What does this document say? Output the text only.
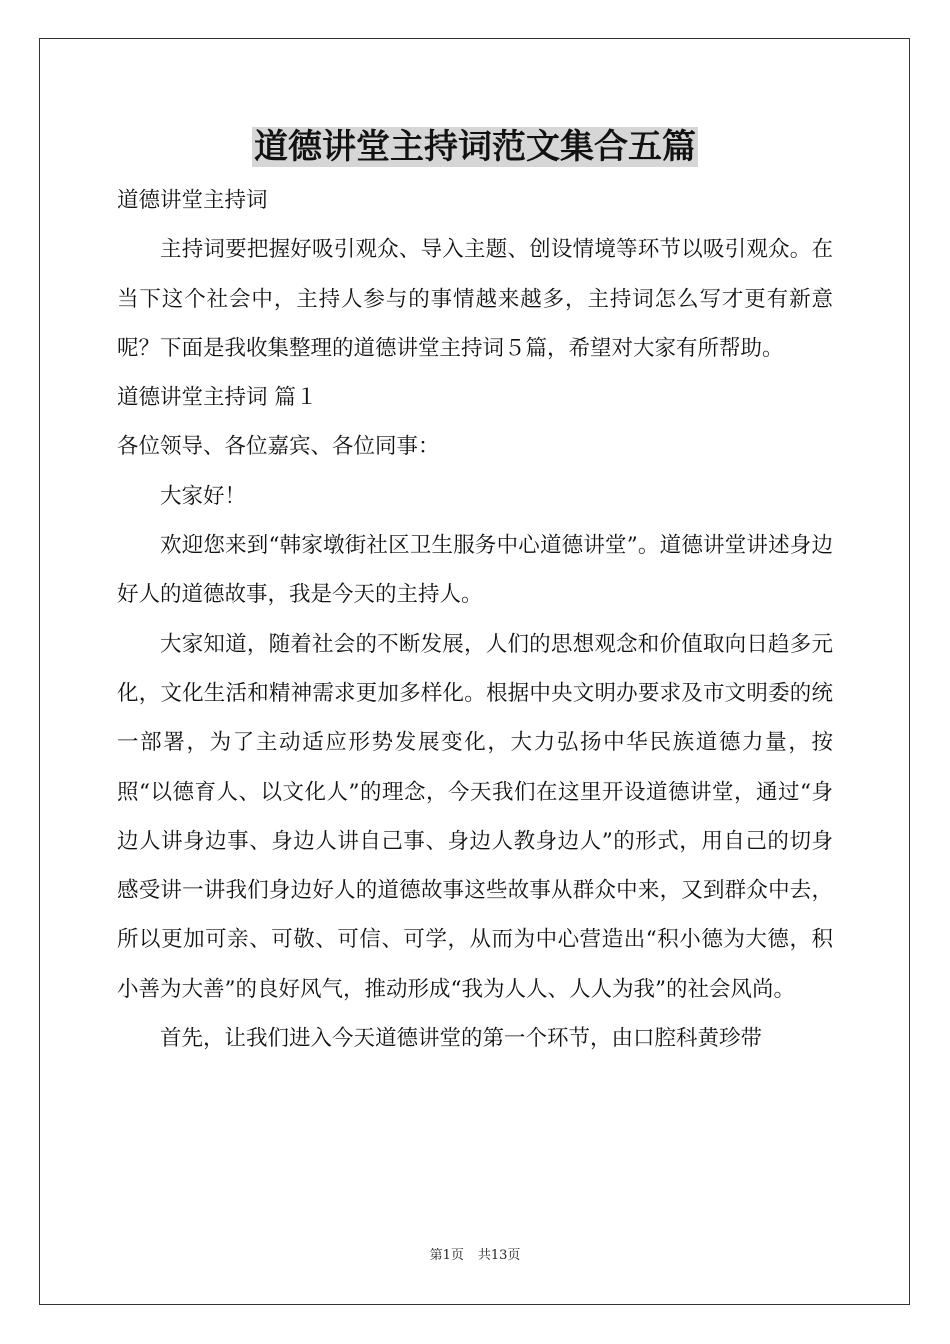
道德讲堂主持词范文集合五篇

道德讲堂主持词

主持词要把握好吸引观众、导入主题、创设情境等环节以吸引观众。在当下这个社会中，主持人参与的事情越来越多，主持词怎么写才更有新意呢？下面是我收集整理的道德讲堂主持词５篇，希望对大家有所帮助。

道德讲堂主持词 篇１

各位领导、各位嘉宾、各位同事：

大家好！

欢迎您来到“韩家墩街社区卫生服务中心道德讲堂”。道德讲堂讲述身边好人的道德故事，我是今天的主持人。

大家知道，随着社会的不断发展，人们的思想观念和价值取向日趋多元化，文化生活和精神需求更加多样化。根据中央文明办要求及市文明委的统一部署，为了主动适应形势发展变化，大力弘扬中华民族道德力量，按照“以德育人、以文化人”的理念，今天我们在这里开设道德讲堂，通过“身边人讲身边事、身边人讲自己事、身边人教身边人”的形式，用自己的切身感受讲一讲我们身边好人的道德故事这些故事从群众中来，又到群众中去，所以更加可亲、可敬、可信、可学，从而为中心营造出“积小德为大德，积小善为大善”的良好风气，推动形成“我为人人、人人为我”的社会风尚。

首先，让我们进入今天道德讲堂的第一个环节，由口腔科黄珍带

第1页 共13页
